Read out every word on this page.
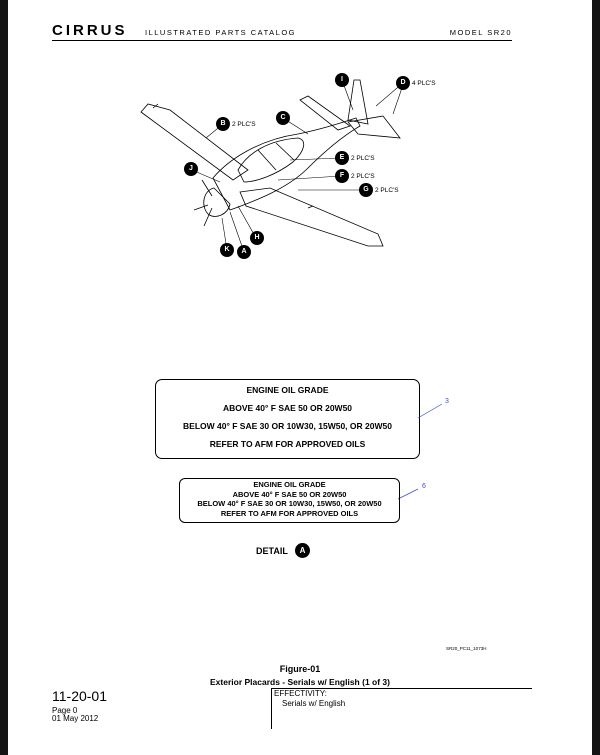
CIRRUS ILLUSTRATED PARTS CATALOG	MODEL SR20
I	D 4 PLC'S
B 2 PLC'S
C
E	2 PLC'S
J
F	2 PLC'S
G 2 PLC'S
H
K	A
ENGINE OIL GRADE
ABOVE 40° F SAE 50 OR 20W50
BELOW 40° F SAE 30 OR 10W30, 15W50, OR 20W50
REFER TO AFM FOR APPROVED OILS
3
ENGINE OIL GRADE
ABOVE 40° F SAE 50 OR 20W50
BELOW 40° F SAE 30 OR 10W30, 15W50, OR 20W50
REFER TO AFM FOR APPROVED OILS
6
DETAIL	A
SR20_PC11_1073H
Figure-01
Exterior Placards - Serials w/ English (1 of 3)
11-20-01
Page 0
01 May 2012
EFFECTIVITY:
Serials w/ English
